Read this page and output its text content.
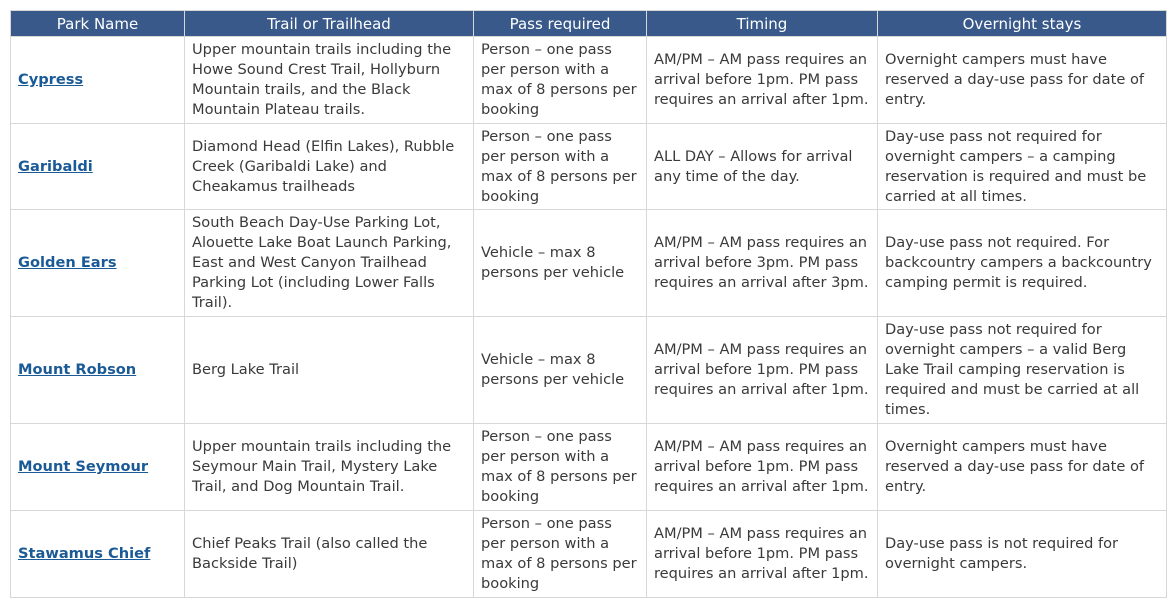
Park Name	Trail or Trailhead	Pass required	Timing	Overnight stays
Cypress	Upper mountain trails including the Howe Sound Crest Trail, Hollyburn Mountain trails, and the Black Mountain Plateau trails.	Person – one pass per person with a max of 8 persons per booking	AM/PM – AM pass requires an arrival before 1pm. PM pass requires an arrival after 1pm.	Overnight campers must have reserved a day-use pass for date of entry.
Garibaldi	Diamond Head (Elfin Lakes), Rubble Creek (Garibaldi Lake) and Cheakamus trailheads	Person – one pass per person with a max of 8 persons per booking	ALL DAY – Allows for arrival any time of the day.	Day-use pass not required for overnight campers – a camping reservation is required and must be carried at all times.
Golden Ears	South Beach Day-Use Parking Lot, Alouette Lake Boat Launch Parking, East and West Canyon Trailhead Parking Lot (including Lower Falls Trail).	Vehicle – max 8 persons per vehicle	AM/PM – AM pass requires an arrival before 3pm. PM pass requires an arrival after 3pm.	Day-use pass not required. For backcountry campers a backcountry camping permit is required.
Mount Robson	Berg Lake Trail	Vehicle – max 8 persons per vehicle	AM/PM – AM pass requires an arrival before 1pm. PM pass requires an arrival after 1pm.	Day-use pass not required for overnight campers – a valid Berg Lake Trail camping reservation is required and must be carried at all times.
Mount Seymour	Upper mountain trails including the Seymour Main Trail, Mystery Lake Trail, and Dog Mountain Trail.	Person – one pass per person with a max of 8 persons per booking	AM/PM – AM pass requires an arrival before 1pm. PM pass requires an arrival after 1pm.	Overnight campers must have reserved a day-use pass for date of entry.
Stawamus Chief	Chief Peaks Trail (also called the Backside Trail)	Person – one pass per person with a max of 8 persons per booking	AM/PM – AM pass requires an arrival before 1pm. PM pass requires an arrival after 1pm.	Day-use pass is not required for overnight campers.
